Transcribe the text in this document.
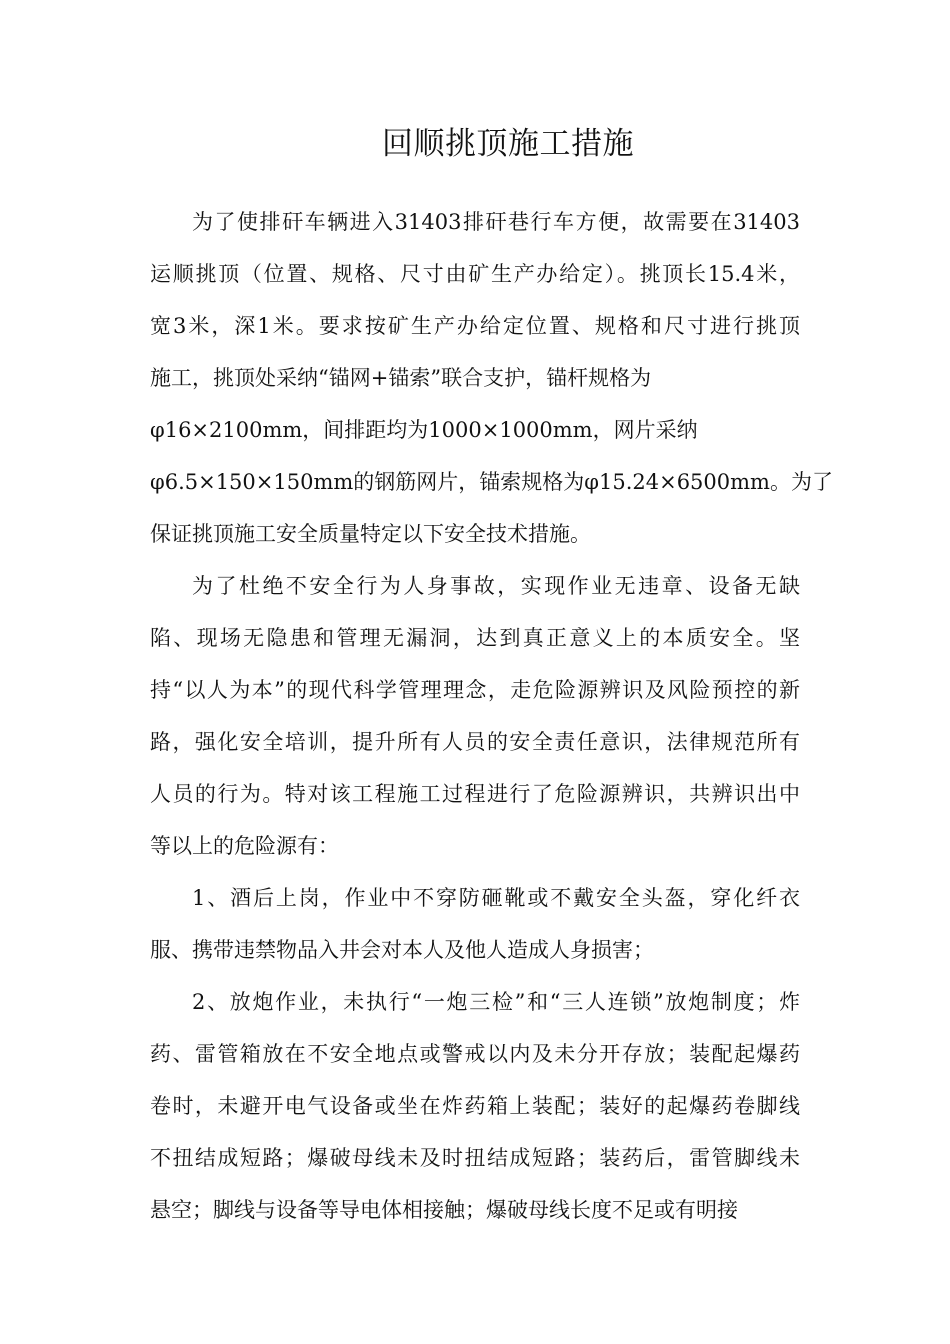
回顺挑顶施工措施
为了使排矸车辆进入31403排矸巷行车方便，故需要在31403
运顺挑顶（位置、规格、尺寸由矿生产办给定）。挑顶长15.4米，
宽3米，深1米。要求按矿生产办给定位置、规格和尺寸进行挑顶
施工，挑顶处采纳“锚网+锚索”联合支护，锚杆规格为
φ16×2100mm，间排距均为1000×1000mm，网片采纳
φ6.5×150×150mm的钢筋网片，锚索规格为φ15.24×6500mm。为了
保证挑顶施工安全质量特定以下安全技术措施。
为了杜绝不安全行为人身事故，实现作业无违章、设备无缺
陷、现场无隐患和管理无漏洞，达到真正意义上的本质安全。坚
持“以人为本”的现代科学管理理念，走危险源辨识及风险预控的新
路，强化安全培训，提升所有人员的安全责任意识，法律规范所有
人员的行为。特对该工程施工过程进行了危险源辨识，共辨识出中
等以上的危险源有：
1、酒后上岗，作业中不穿防砸靴或不戴安全头盔，穿化纤衣
服、携带违禁物品入井会对本人及他人造成人身损害；
2、放炮作业，未执行“一炮三检”和“三人连锁”放炮制度；炸
药、雷管箱放在不安全地点或警戒以内及未分开存放；装配起爆药
卷时，未避开电气设备或坐在炸药箱上装配；装好的起爆药卷脚线
不扭结成短路；爆破母线未及时扭结成短路；装药后，雷管脚线未
悬空；脚线与设备等导电体相接触；爆破母线长度不足或有明接
